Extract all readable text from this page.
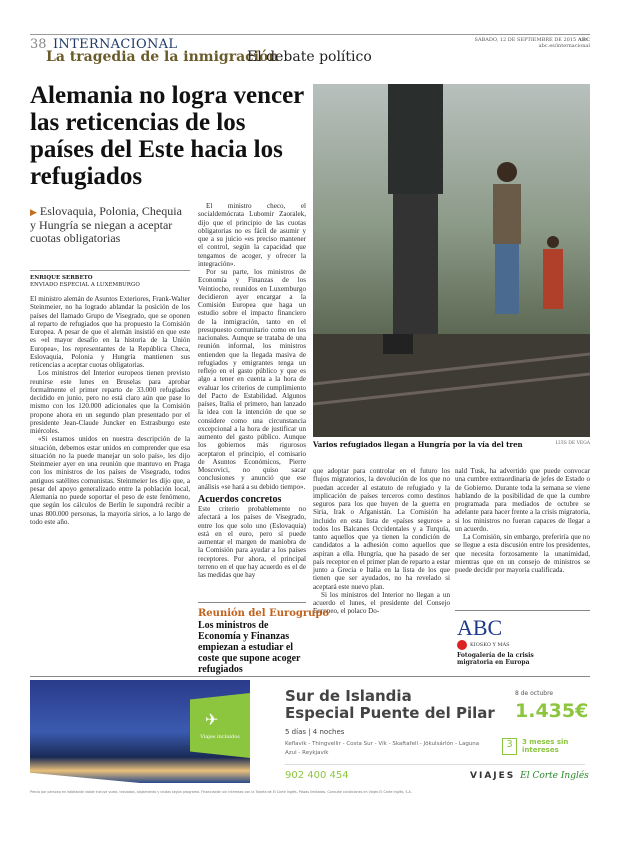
38 INTERNACIONAL
La tragedia de la inmigración
El debate político
SÁBADO, 12 DE SEPTIEMBRE DE 2015 ABC
abc.es/internacional
Alemania no logra vencer las reticencias de los países del Este hacia los refugiados
▶ Eslovaquia, Polonia, Chequia y Hungría se niegan a aceptar cuotas obligatorias
ENRIQUE SERBETO
ENVIADO ESPECIAL A LUXEMBURGO

El ministro alemán de Asuntos Exteriores, Frank-Walter Steinmeier, no ha logrado ablandar la posición de los países del llamado Grupo de Visegrado, que se oponen al reparto de refugiados que ha propuesto la Comisión Europea. A pesar de que el alemán insistió en que este es «el mayor desafío en la historia de la Unión Europea», los representantes de la República Checa, Eslovaquia, Polonia y Hungría mantienen sus reticencias a aceptar cuotas obligatorias.

Los ministros del Interior europeos tienen previsto reunirse este lunes en Bruselas para aprobar formalmente el primer reparto de 33.000 refugiados decidido en junio, pero no está claro aún que pase lo mismo con los 120.000 adicionales que la Comisión propone ahora en un segundo plan presentado por el presidente Jean-Claude Juncker en Estrasburgo este miércoles.

«Si estamos unidos en nuestra descripción de la situación, debemos estar unidos en comprender que esa situación no la puede manejar un solo país», les dijo Steinmeier ayer en una reunión que mantuvo en Praga con los ministros de los países de Visegrado, todos antiguos satélites comunistas. Steinmeier les dijo que, a pesar del apoyo generalizado entre la población local, Alemania no puede soportar el peso de este fenómeno, que según los cálculos de Berlín le supondrá recibir a unas 800.000 personas, la mayoría sirios, a lo largo de todo este año.

El ministro checo, el socialdemócrata Lubomir Zaoralek, dijo que el principio de las cuotas obligatorias no es fácil de asumir y que a su juicio «es preciso mantener el control, según la capacidad que tengamos de acoger, y ofrecer la integración».

Por su parte, los ministros de Economía y Finanzas de los Veintiocho, reunidos en Luxemburgo decidieron ayer encargar a la Comisión Europea que haga un estudio sobre el impacto financiero de la inmigración, tanto en el presupuesto comunitario como en los nacionales. Aunque se trataba de una reunión informal, los ministros entienden que la llegada masiva de refugiados y emigrantes tenga un reflejo en el gasto público y que es algo a tener en cuenta a la hora de evaluar los criterios de cumplimiento del Pacto de Estabilidad. Algunos países, Italia el primero, han lanzado la idea con la intención de que se considere como una circunstancia excepcional a la hora de justificar un aumento del gasto público. Aunque los gobiernos más rigurosos aceptaron el principio, el comisario de Asuntos Económicos, Pierre Moscovici, no quiso sacar conclusiones y anunció que ese análisis «se hará a su debido tiempo».

Acuerdos concretos

Este criterio probablemente no afectará a los países de Visegrado, entre los que solo uno (Eslovaquia) está en el euro, pero sí puede aumentar el margen de maniobra de la Comisión para ayudar a los países receptores. Por ahora, el principal terreno en el que hay acuerdo es el de las medidas que hay

Varios refugiados llegan a Hungría por la vía del tren	LUIS DE VEGA

que adoptar para controlar en el futuro los flujos migratorios, la devolución de los que no puedan acceder al estatuto de refugiado y la implicación de países terceros como destinos seguros para los que huyen de la guerra en Siria, Irak o Afganistán. La Comisión ha incluido en esta lista de «países seguros» a todos los Balcanes Occidentales y a Turquía, tanto aquellos que ya tienen la condición de candidatos a la adhesión como aquellos que aspiran a ella. Hungría, que ha pasado de ser país receptor en el primer plan de reparto a estar junto a Grecia e Italia en la lista de los que tienen que ser ayudados, no ha revelado si aceptará este nuevo plan.

Si los ministros del Interior no llegan a un acuerdo el lunes, el presidente del Consejo Europeo, el polaco Do-

nald Tusk, ha advertido que puede convocar una cumbre extraordinaria de jefes de Estado o de Gobierno. Durante toda la semana se viene hablando de la posibilidad de que la cumbre programada para mediados de octubre se adelante para hacer frente a la crisis migratoria, si los ministros no fueran capaces de llegar a un acuerdo.

La Comisión, sin embargo, preferiría que no se llegue a esta discusión entre los presidentes, que necesita forzosamente la unanimidad, mientras que en un consejo de ministros se puede decidir por mayoría cualificada.

Reunión del Eurogrupo
Los ministros de Economía y Finanzas empiezan a estudiar el coste que supone acoger refugiados
ABC
KIOSKO Y MÁS
Fotogalería de la crisis migratoria en Europa
✈
Viajes incluidos
Sur de Islandia
Especial Puente del Pilar
8 de octubre
1.435€
5 días | 4 noches
Keflavík - Thingvellir - Costa Sur - Vík - Skaftafell - Jökulsárlón - Laguna Azul - Reykjavík
3	3 meses sin intereses
902 400 454	VIAJES El Corte Inglés
Precio por persona en habitación doble incluye vuelo, traslados, alojamiento y visitas según programa. Financiación sin intereses con la Tarjeta de El Corte Inglés. Plazas limitadas. Consulte condiciones en Viajes El Corte Inglés, S.A.
